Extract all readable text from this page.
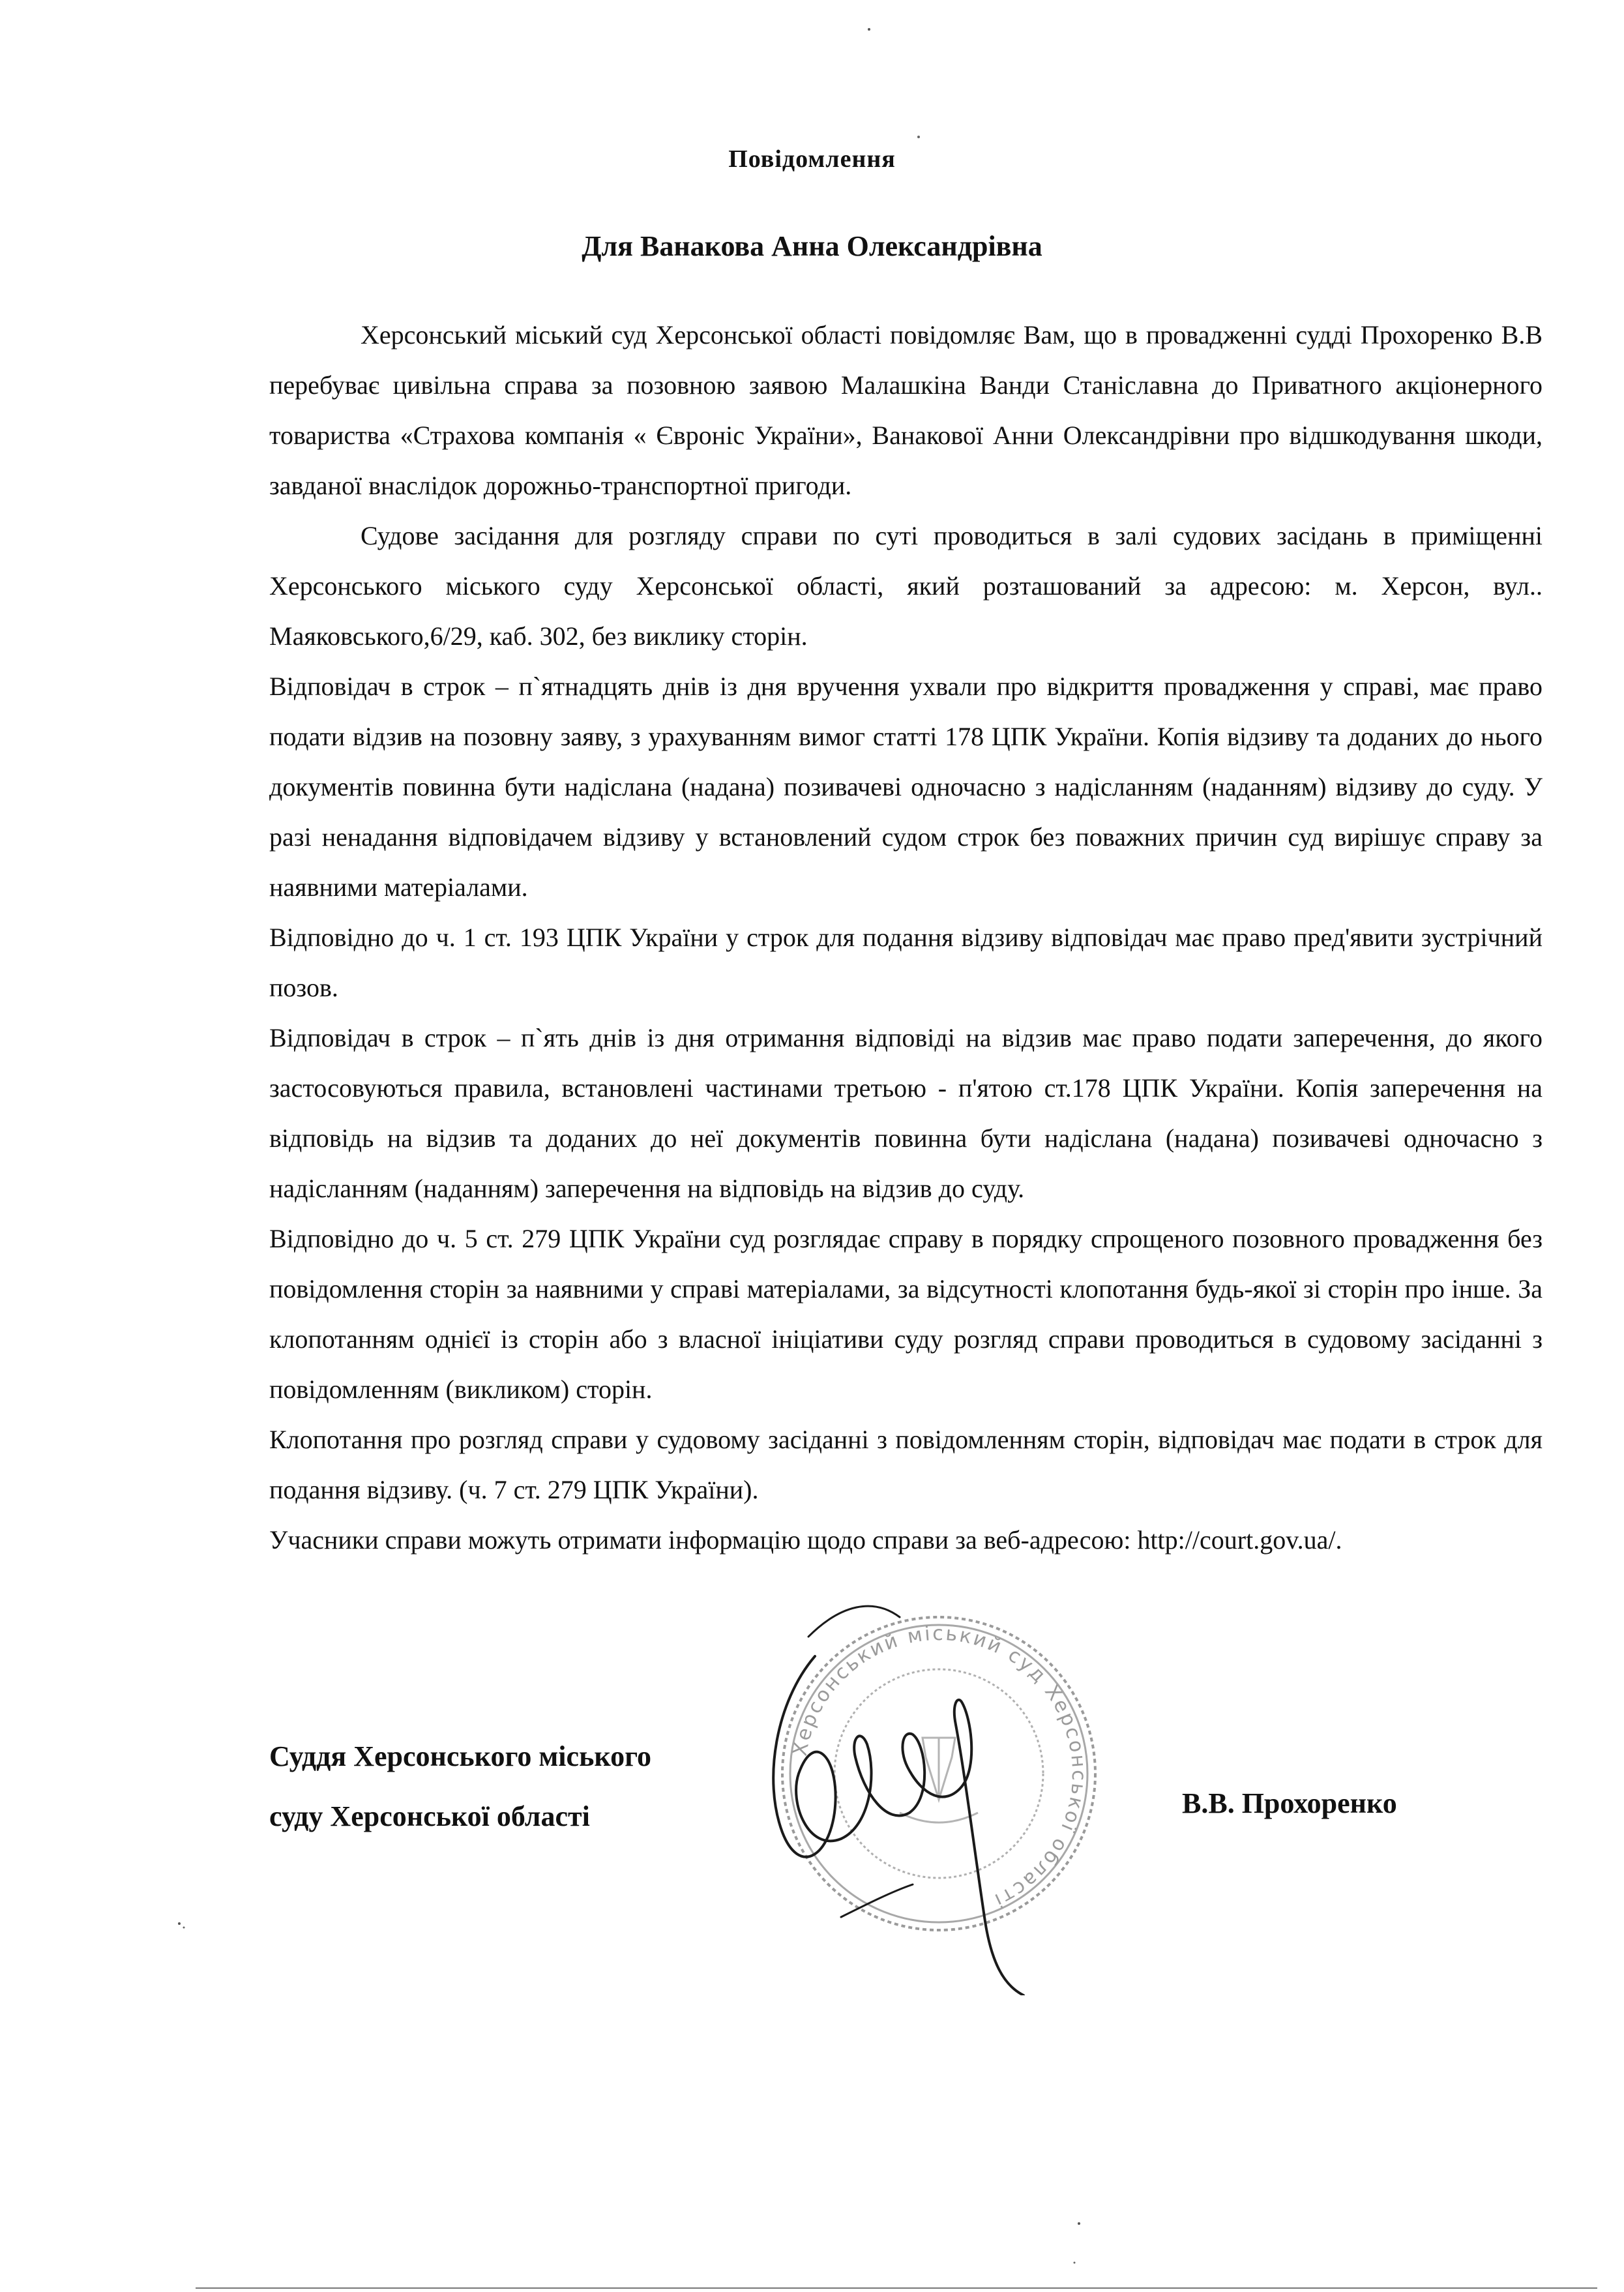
Повідомлення
Для Ванакова Анна Олександрівна

Херсонський міський суд Херсонської області повідомляє Вам, що в провадженні судді Прохоренко В.В перебуває цивільна справа за позовною заявою Малашкіна Ванди Станіславна до Приватного акціонерного товариства «Страхова компанія « Євроніс України», Ванакової Анни Олександрівни про відшкодування шкоди, завданої внаслідок дорожньо-транспортної пригоди.

Судове засідання для розгляду справи по суті проводиться в залі судових засідань в приміщенні Херсонського міського суду Херсонської області, який розташований за адресою: м. Херсон, вул.. Маяковського,6/29, каб. 302, без виклику сторін.

Відповідач в строк – п`ятнадцять днів із дня вручення ухвали про відкриття провадження у справі, має право подати відзив на позовну заяву, з урахуванням вимог статті 178 ЦПК України. Копія відзиву та доданих до нього документів повинна бути надіслана (надана) позивачеві одночасно з надісланням (наданням) відзиву до суду. У разі ненадання відповідачем відзиву у встановлений судом строк без поважних причин суд вирішує справу за наявними матеріалами.

Відповідно до ч. 1 ст. 193 ЦПК України у строк для подання відзиву відповідач має право пред'явити зустрічний позов.

Відповідач в строк – п`ять днів із дня отримання відповіді на відзив має право подати заперечення, до якого застосовуються правила, встановлені частинами третьою - п'ятою ст.178 ЦПК України. Копія заперечення на відповідь на відзив та доданих до неї документів повинна бути надіслана (надана) позивачеві одночасно з надісланням (наданням) заперечення на відповідь на відзив до суду.

Відповідно до ч. 5 ст. 279 ЦПК України суд розглядає справу в порядку спрощеного позовного провадження без повідомлення сторін за наявними у справі матеріалами, за відсутності клопотання будь-якої зі сторін про інше. За клопотанням однієї із сторін або з власної ініціативи суду розгляд справи проводиться в судовому засіданні з повідомленням (викликом) сторін.

Клопотання про розгляд справи у судовому засіданні з повідомленням сторін, відповідач має подати в строк для подання відзиву. (ч. 7 ст. 279 ЦПК України).

Учасники справи можуть отримати інформацію щодо справи за веб-адресою: http://court.gov.ua/.

Суддя Херсонського міського
суду Херсонської області	В.В. Прохоренко
Херсонський міський суд Херсонської області
